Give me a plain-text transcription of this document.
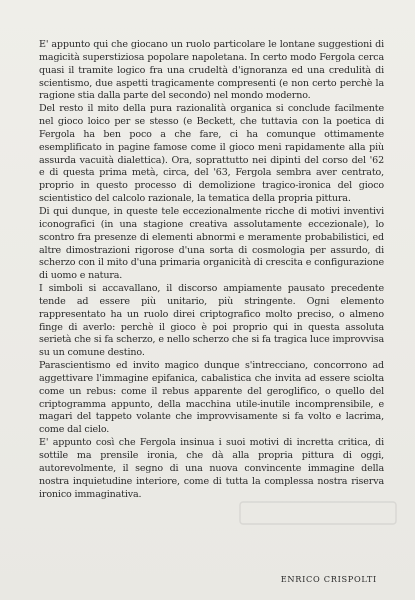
E' appunto qui che giocano un ruolo particolare le lontane suggestioni di magicità superstiziosa popolare napoletana. In certo modo Fergola cerca quasi il tramite logico fra una crudeltà d'ignoranza ed una credulità di scientismo, due aspetti tragicamente compresenti (e non certo perchè la ragione stia dalla parte del secondo) nel mondo moderno.

Del resto il mito della pura razionalità organica si conclude facilmente nel gioco loico per se stesso (e Beckett, che tuttavia con la poetica di Fergola ha ben poco a che fare, ci ha comunque ottimamente esemplificato in pagine famose come il gioco meni rapidamente alla più assurda vacuità dialettica). Ora, soprattutto nei dipinti del corso del '62 e di questa prima metà, circa, del '63, Fergola sembra aver centrato, proprio in questo processo di demolizione tragico-ironica del gioco scientistico del calcolo razionale, la tematica della propria pittura.

Di qui dunque, in queste tele eccezionalmente ricche di motivi inventivi iconografici (in una stagione creativa assolutamente eccezionale), lo scontro fra presenze di elementi abnormi e meramente probabilistici, ed altre dimostrazioni rigorose d'una sorta di cosmologia per assurdo, di scherzo con il mito d'una primaria organicità di crescita e configurazione di uomo e natura.

I simboli si accavallano, il discorso ampiamente pausato precedente tende ad essere più unitario, più stringente. Ogni elemento rappresentato ha un ruolo direi criptografico molto preciso, o almeno finge di averlo: perchè il gioco è poi proprio qui in questa assoluta serietà che si fa scherzo, e nello scherzo che si fa tragica luce improvvisa su un comune destino.

Parascientismo ed invito magico dunque s'intrecciano, concorrono ad aggettivare l'immagine epifanica, cabalistica che invita ad essere sciolta come un rebus: come il rebus apparente del geroglifico, o quello del criptogramma appunto, della macchina utile-inutile incomprensibile, e magari del tappeto volante che improvvisamente si fa volto e lacrima, come dal cielo.

E' appunto così che Fergola insinua i suoi motivi di incretta critica, di sottile ma prensile ironia, che dà alla propria pittura di oggi, autorevolmente, il segno di una nuova convincente immagine della nostra inquietudine interiore, come di tutta la complessa nostra riserva ironico immaginativa.

ENRICO CRISPOLTI
